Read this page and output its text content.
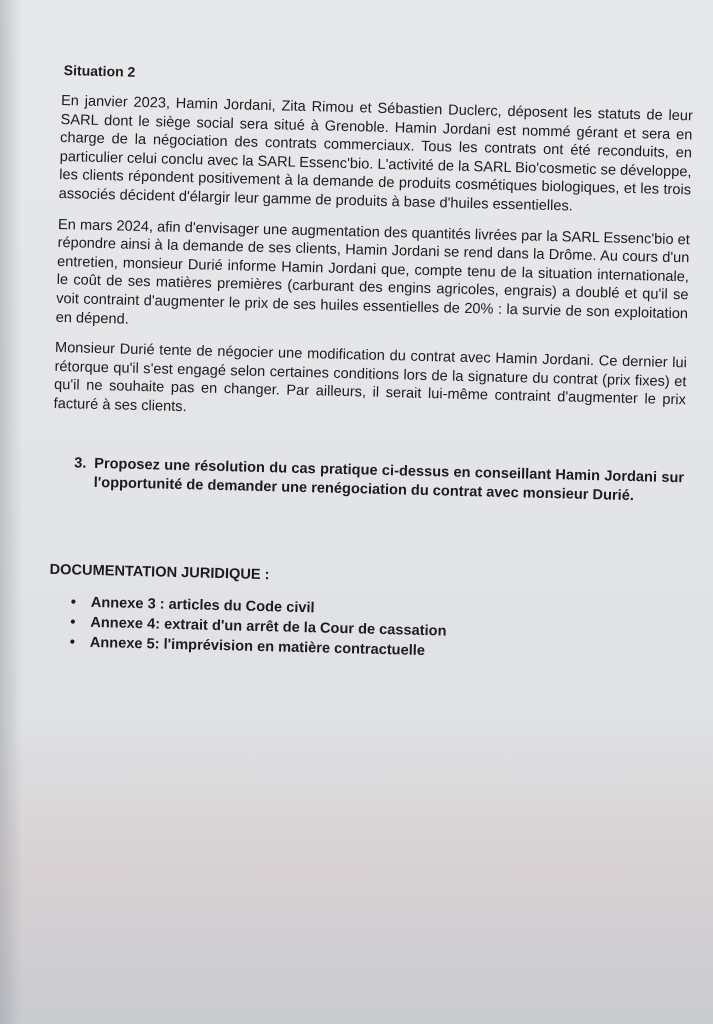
Situation 2

En janvier 2023, Hamin Jordani, Zita Rimou et Sébastien Duclerc, déposent les statuts de leur SARL dont le siège social sera situé à Grenoble. Hamin Jordani est nommé gérant et sera en charge de la négociation des contrats commerciaux. Tous les contrats ont été reconduits, en particulier celui conclu avec la SARL Essenc'bio. L'activité de la SARL Bio'cosmetic se développe, les clients répondent positivement à la demande de produits cosmétiques biologiques, et les trois associés décident d'élargir leur gamme de produits à base d'huiles essentielles.

En mars 2024, afin d'envisager une augmentation des quantités livrées par la SARL Essenc'bio et répondre ainsi à la demande de ses clients, Hamin Jordani se rend dans la Drôme. Au cours d'un entretien, monsieur Durié informe Hamin Jordani que, compte tenu de la situation internationale, le coût de ses matières premières (carburant des engins agricoles, engrais) a doublé et qu'il se voit contraint d'augmenter le prix de ses huiles essentielles de 20% : la survie de son exploitation en dépend.

Monsieur Durié tente de négocier une modification du contrat avec Hamin Jordani. Ce dernier lui rétorque qu'il s'est engagé selon certaines conditions lors de la signature du contrat (prix fixes) et qu'il ne souhaite pas en changer. Par ailleurs, il serait lui-même contraint d'augmenter le prix facturé à ses clients.

3. Proposez une résolution du cas pratique ci-dessus en conseillant Hamin Jordani sur l'opportunité de demander une renégociation du contrat avec monsieur Durié.
DOCUMENTATION JURIDIQUE :
• Annexe 3 : articles du Code civil
• Annexe 4: extrait d'un arrêt de la Cour de cassation
• Annexe 5: l'imprévision en matière contractuelle
